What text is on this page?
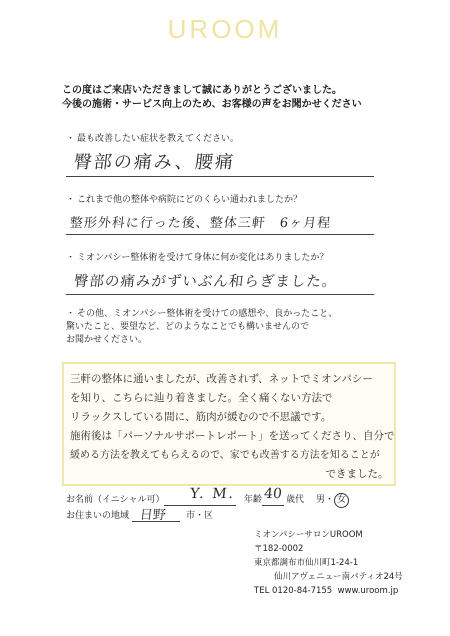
UROOM
この度はご来店いただきまして誠にありがとうございました。
今後の施術・サービス向上のため、お客様の声をお聞かせください
・ 最も改善したい症状を教えてください。
臀部の痛み、腰痛
・ これまで他の整体や病院にどのくらい通われましたか？
整形外科に行った後、整体三軒　6ヶ月程
・ ミオンパシー整体術を受けて身体に何か変化はありましたか？
臀部の痛みがずいぶん和らぎました。
・ その他、ミオンパシー整体術を受けての感想や、良かったこと、
驚いたこと、要望など、どのようなことでも構いませんので
お聞かせください。
三軒の整体に通いましたが、改善されず、ネットでミオンパシー
を知り、こちらに辿り着きました。全く痛くない方法で
リラックスしている間に、筋肉が緩むので不思議です。
施術後は「パーソナルサポートレポート」を送ってくださり、自分で
緩める方法を教えてもらえるので、家でも改善する方法を知ることが
できました。
お名前（イニシャル可） Y. M. 年齢 40 歳代 男・ 女
お住まいの地域 日野 市・区
ミオンパシーサロンUROOM
〒182-0002
東京都調布市仙川町1-24-1
仙川アヴェニュー南パティオ24号
TEL 0120-84-7155 www.uroom.jp
